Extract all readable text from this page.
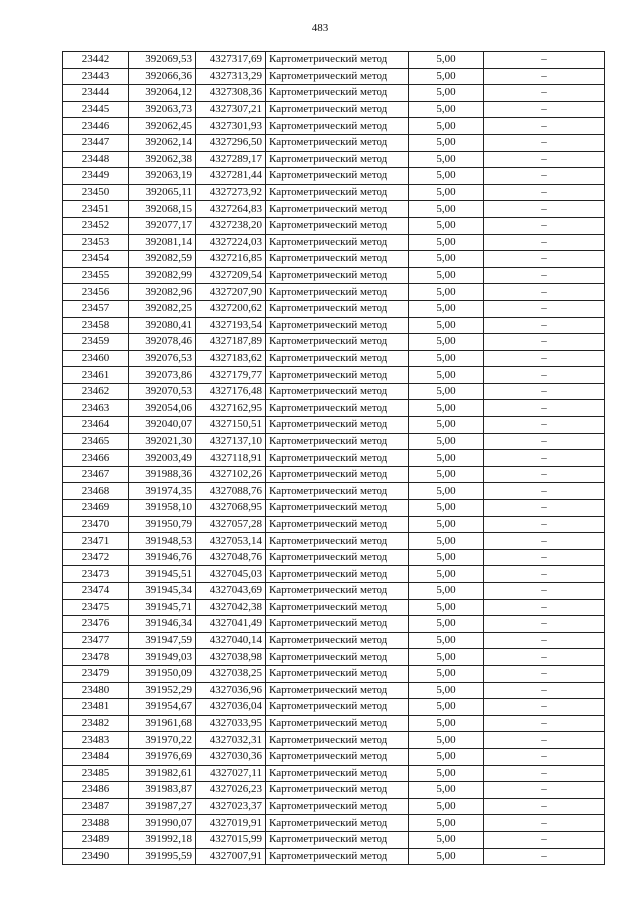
483
23442	392069,53	4327317,69	Картометрический метод	5,00	–
23443	392066,36	4327313,29	Картометрический метод	5,00	–
23444	392064,12	4327308,36	Картометрический метод	5,00	–
23445	392063,73	4327307,21	Картометрический метод	5,00	–
23446	392062,45	4327301,93	Картометрический метод	5,00	–
23447	392062,14	4327296,50	Картометрический метод	5,00	–
23448	392062,38	4327289,17	Картометрический метод	5,00	–
23449	392063,19	4327281,44	Картометрический метод	5,00	–
23450	392065,11	4327273,92	Картометрический метод	5,00	–
23451	392068,15	4327264,83	Картометрический метод	5,00	–
23452	392077,17	4327238,20	Картометрический метод	5,00	–
23453	392081,14	4327224,03	Картометрический метод	5,00	–
23454	392082,59	4327216,85	Картометрический метод	5,00	–
23455	392082,99	4327209,54	Картометрический метод	5,00	–
23456	392082,96	4327207,90	Картометрический метод	5,00	–
23457	392082,25	4327200,62	Картометрический метод	5,00	–
23458	392080,41	4327193,54	Картометрический метод	5,00	–
23459	392078,46	4327187,89	Картометрический метод	5,00	–
23460	392076,53	4327183,62	Картометрический метод	5,00	–
23461	392073,86	4327179,77	Картометрический метод	5,00	–
23462	392070,53	4327176,48	Картометрический метод	5,00	–
23463	392054,06	4327162,95	Картометрический метод	5,00	–
23464	392040,07	4327150,51	Картометрический метод	5,00	–
23465	392021,30	4327137,10	Картометрический метод	5,00	–
23466	392003,49	4327118,91	Картометрический метод	5,00	–
23467	391988,36	4327102,26	Картометрический метод	5,00	–
23468	391974,35	4327088,76	Картометрический метод	5,00	–
23469	391958,10	4327068,95	Картометрический метод	5,00	–
23470	391950,79	4327057,28	Картометрический метод	5,00	–
23471	391948,53	4327053,14	Картометрический метод	5,00	–
23472	391946,76	4327048,76	Картометрический метод	5,00	–
23473	391945,51	4327045,03	Картометрический метод	5,00	–
23474	391945,34	4327043,69	Картометрический метод	5,00	–
23475	391945,71	4327042,38	Картометрический метод	5,00	–
23476	391946,34	4327041,49	Картометрический метод	5,00	–
23477	391947,59	4327040,14	Картометрический метод	5,00	–
23478	391949,03	4327038,98	Картометрический метод	5,00	–
23479	391950,09	4327038,25	Картометрический метод	5,00	–
23480	391952,29	4327036,96	Картометрический метод	5,00	–
23481	391954,67	4327036,04	Картометрический метод	5,00	–
23482	391961,68	4327033,95	Картометрический метод	5,00	–
23483	391970,22	4327032,31	Картометрический метод	5,00	–
23484	391976,69	4327030,36	Картометрический метод	5,00	–
23485	391982,61	4327027,11	Картометрический метод	5,00	–
23486	391983,87	4327026,23	Картометрический метод	5,00	–
23487	391987,27	4327023,37	Картометрический метод	5,00	–
23488	391990,07	4327019,91	Картометрический метод	5,00	–
23489	391992,18	4327015,99	Картометрический метод	5,00	–
23490	391995,59	4327007,91	Картометрический метод	5,00	–
